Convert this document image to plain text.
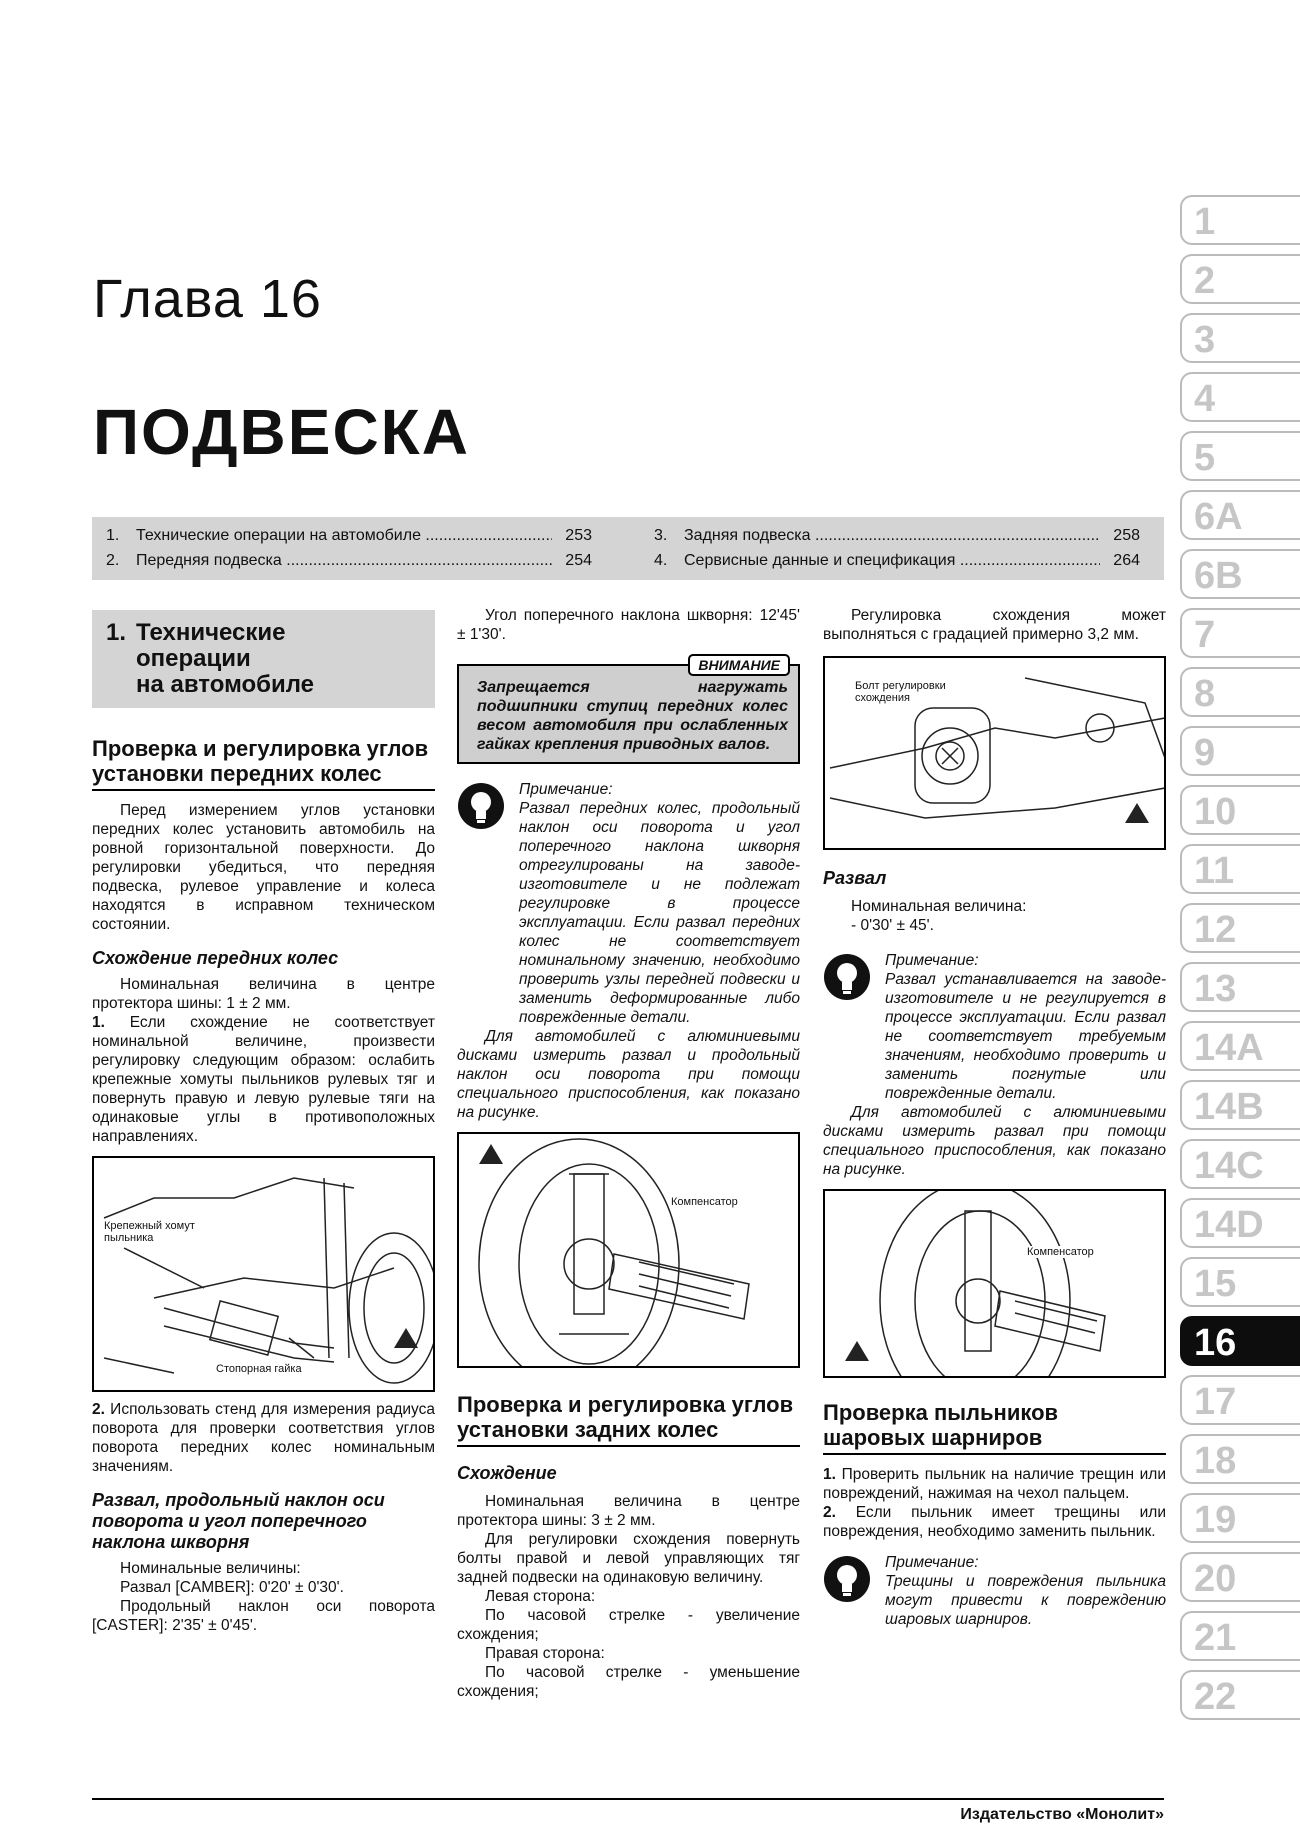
Глава 16
ПОДВЕСКА
1.	Технические операции на автомобиле .....	253
2.	Передняя подвеска .....	254
3.	Задняя подвеска .....	258
4.	Сервисные данные и спецификация .....	264
1
2
3
4
5
6A
6B
7
8
9
10
11
12
13
14A
14B
14C
14D
15
16
17
18
19
20
21
22
1. Технические
операции
на автомобиле
Проверка и регулировка углов установки передних колес

Перед измерением углов установки передних колес установить автомобиль на ровной горизонтальной поверхности. До регулировки убедиться, что передняя подвеска, рулевое управление и колеса находятся в исправном техническом состоянии.

Схождение передних колес

Номинальная величина в центре протектора шины: 1 ± 2 мм.

1. Если схождение не соответствует номинальной величине, произвести регулировку следующим образом: ослабить крепежные хомуты пыльников рулевых тяг и повернуть правую и левую рулевые тяги на одинаковые углы в противоположных направлениях.

Крепежный хомут пыльника
Стопорная гайка

2. Использовать стенд для измерения радиуса поворота для проверки соответствия углов поворота передних колес номинальным значениям.

Развал, продольный наклон оси поворота и угол поперечного наклона шкворня

Номинальные величины:

Развал [CAMBER]: 0'20' ± 0'30'.

Продольный наклон оси поворота [CASTER]: 2'35' ± 0'45'.

Угол поперечного наклона шкворня: 12'45' ± 1'30'.

ВНИМАНИЕ

Запрещается нагружать подшипники ступиц передних колес весом автомобиля при ослабленных гайках крепления приводных валов.

Примечание:

Развал передних колес, продольный наклон оси поворота и угол поперечного наклона шкворня отрегулированы на заводе-изготовителе и не подлежат регулировке в процессе эксплуатации. Если развал передних колес не соответствует номинальному значению, необходимо проверить узлы передней подвески и заменить деформированные либо поврежденные детали.

Для автомобилей с алюминиевыми дисками измерить развал и продольный наклон оси поворота при помощи специального приспособления, как показано на рисунке.

Компенсатор
Проверка и регулировка углов установки задних колес
Схождение

Номинальная величина в центре протектора шины: 3 ± 2 мм.

Для регулировки схождения повернуть болты правой и левой управляющих тяг задней подвески на одинаковую величину.

Левая сторона:

По часовой стрелке - увеличение схождения;

Правая сторона:

По часовой стрелке - уменьшение схождения;

Регулировка схождения может выполняться с градацией примерно 3,2 мм.

Болт регулировки схождения
Развал

Номинальная величина:

- 0'30' ± 45'.

Примечание:

Развал устанавливается на заводе-изготовителе и не регулируется в процессе эксплуатации. Если развал не соответствует требуемым значениям, необходимо проверить и заменить погнутые или поврежденные детали.

Для автомобилей с алюминиевыми дисками измерить развал при помощи специального приспособления, как показано на рисунке.

Компенсатор
Проверка пыльников шаровых шарниров

1. Проверить пыльник на наличие трещин или повреждений, нажимая на чехол пальцем.

2. Если пыльник имеет трещины или повреждения, необходимо заменить пыльник.

Примечание:

Трещины и повреждения пыльника могут привести к повреждению шаровых шарниров.

Издательство «Монолит»
